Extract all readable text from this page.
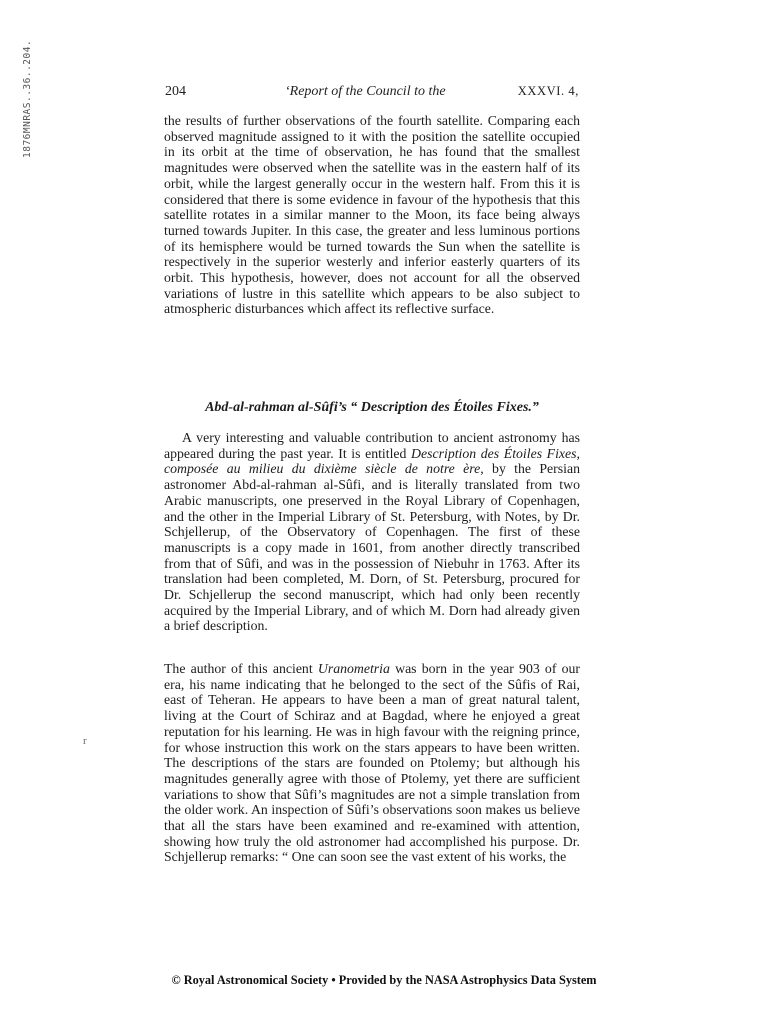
1876MNRAS..36..204.	204	‘Report of the Council to the	XXXVI. 4,

the results of further observations of the fourth satellite. Comparing each observed magnitude assigned to it with the position the satellite occupied in its orbit at the time of observation, he has found that the smallest magnitudes were observed when the satellite was in the eastern half of its orbit, while the largest generally occur in the western half. From this it is considered that there is some evidence in favour of the hypothesis that this satellite rotates in a similar manner to the Moon, its face being always turned towards Jupiter. In this case, the greater and less luminous portions of its hemisphere would be turned towards the Sun when the satellite is respectively in the superior westerly and inferior easterly quarters of its orbit. This hypothesis, however, does not account for all the observed variations of lustre in this satellite which appears to be also subject to atmospheric disturbances which affect its reflective surface.

Abd-al-rahman al-Sûfi’s “ Description des Étoiles Fixes.”

A very interesting and valuable contribution to ancient astronomy has appeared during the past year. It is entitled Description des Étoiles Fixes, composée au milieu du dixième siècle de notre ère, by the Persian astronomer Abd-al-rahman al-Sûfi, and is literally translated from two Arabic manuscripts, one preserved in the Royal Library of Copenhagen, and the other in the Imperial Library of St. Petersburg, with Notes, by Dr. Schjellerup, of the Observatory of Copenhagen. The first of these manuscripts is a copy made in 1601, from another directly transcribed from that of Sûfi, and was in the possession of Niebuhr in 1763. After its translation had been completed, M. Dorn, of St. Petersburg, procured for Dr. Schjellerup the second manuscript, which had only been recently acquired by the Imperial Library, and of which M. Dorn had already given a brief description.

The author of this ancient Uranometria was born in the year 903 of our era, his name indicating that he belonged to the sect of the Sûfis of Rai, east of Teheran. He appears to have been a man of great natural talent, living at the Court of Schiraz and at Bagdad, where he enjoyed a great reputation for his learning. He was in high favour with the reigning prince, for whose instruction this work on the stars appears to have been written. The descriptions of the stars are founded on Ptolemy; but although his magnitudes generally agree with those of Ptolemy, yet there are sufficient variations to show that Sûfi’s magnitudes are not a simple translation from the older work. An inspection of Sûfi’s observations soon makes us believe that all the stars have been examined and re-examined with attention, showing how truly the old astronomer had accomplished his purpose. Dr. Schjellerup remarks: “ One can soon see the vast extent of his works, the

r
© Royal Astronomical Society • Provided by the NASA Astrophysics Data System
